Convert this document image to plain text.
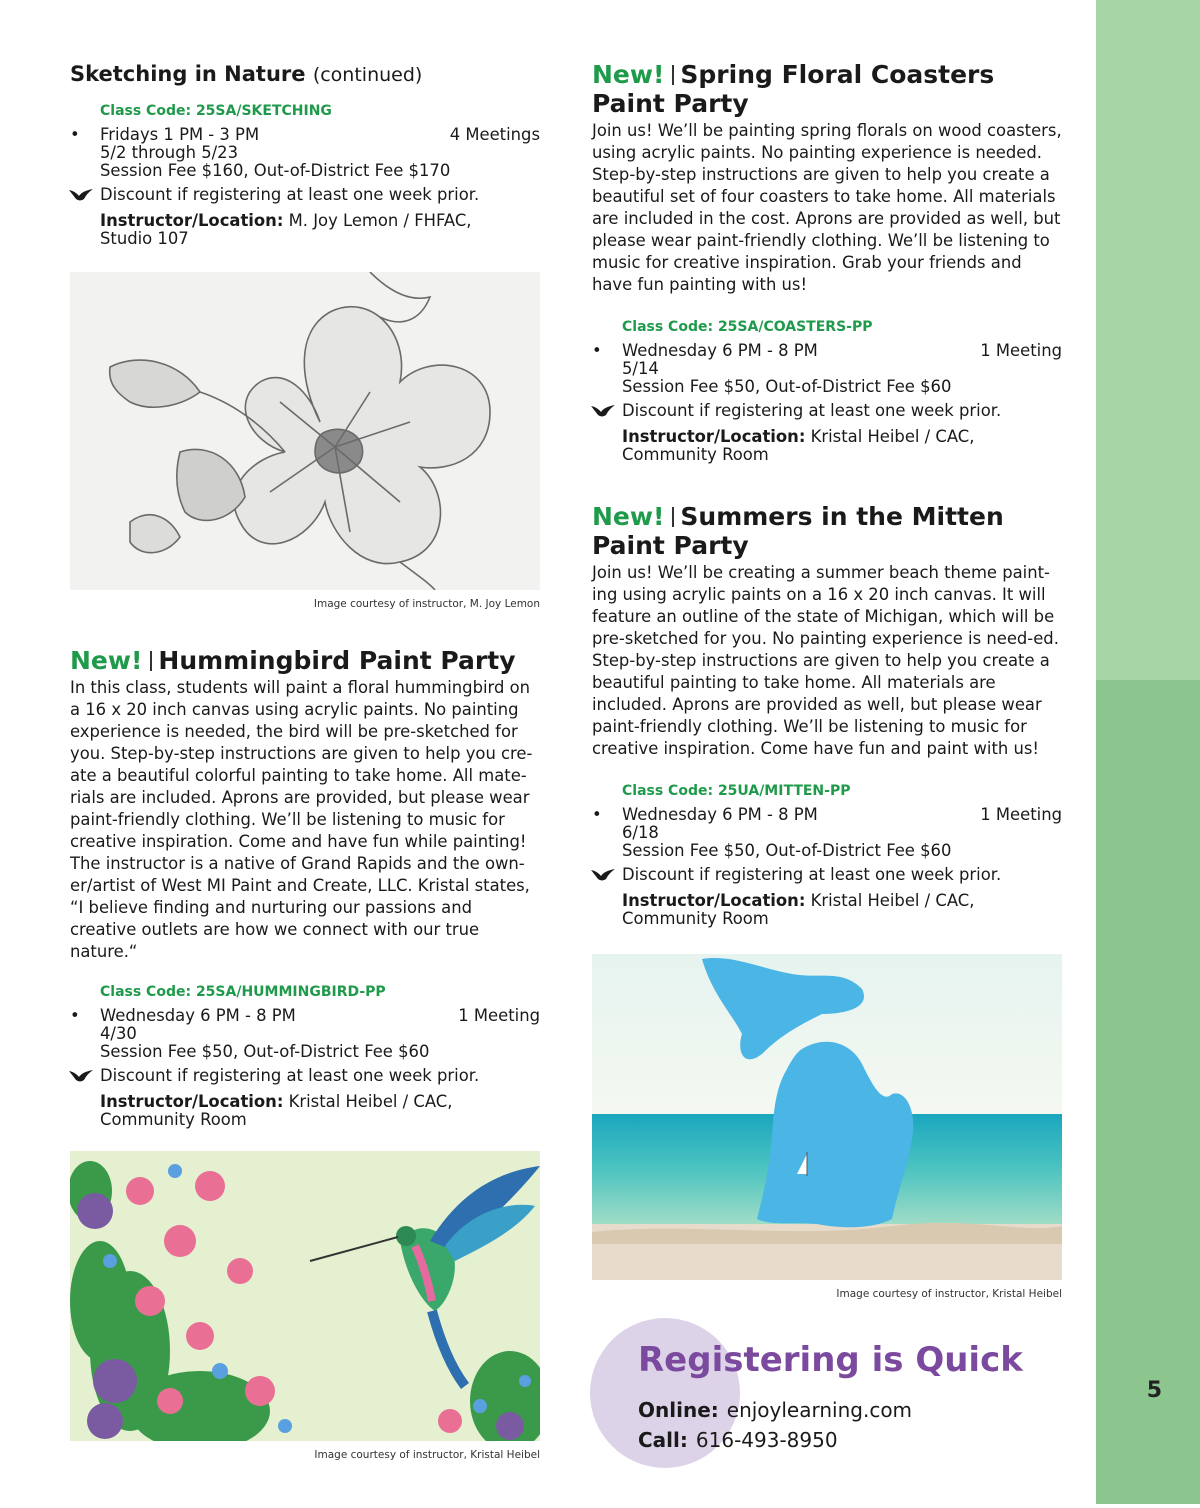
5
Sketching in Nature (continued)
Class Code: 25SA/SKETCHING
• Fridays 1 PM - 3 PM	4 Meetings
5/2 through 5/23
Session Fee $160, Out-of-District Fee $170
Discount if registering at least one week prior.
Instructor/Location: M. Joy Lemon / FHFAC,
Studio 107
Image courtesy of instructor, M. Joy Lemon
New! Hummingbird Paint Party

In this class, students will paint a floral hummingbird on a 16 x 20 inch canvas using acrylic paints. No painting experience is needed, the bird will be pre-sketched for you. Step-by-step instructions are given to help you cre-ate a beautiful colorful painting to take home. All mate-rials are included. Aprons are provided, but please wear paint-friendly clothing. We’ll be listening to music for creative inspiration. Come and have fun while painting! The instructor is a native of Grand Rapids and the own-er/artist of West MI Paint and Create, LLC. Kristal states, “I believe finding and nurturing our passions and creative outlets are how we connect with our true nature.“

Class Code: 25SA/HUMMINGBIRD-PP
• Wednesday 6 PM - 8 PM	1 Meeting
4/30
Session Fee $50, Out-of-District Fee $60
Discount if registering at least one week prior.
Instructor/Location: Kristal Heibel / CAC,
Community Room
Image courtesy of instructor, Kristal Heibel
New! Spring Floral Coasters
Paint Party

Join us! We’ll be painting spring florals on wood coasters, using acrylic paints. No painting experience is needed. Step-by-step instructions are given to help you create a beautiful set of four coasters to take home. All materials are included in the cost. Aprons are provided as well, but please wear paint-friendly clothing. We’ll be listening to music for creative inspiration. Grab your friends and have fun painting with us!

Class Code: 25SA/COASTERS-PP
• Wednesday 6 PM - 8 PM	1 Meeting
5/14
Session Fee $50, Out-of-District Fee $60
Discount if registering at least one week prior.
Instructor/Location: Kristal Heibel / CAC,
Community Room
New! Summers in the Mitten
Paint Party

Join us! We’ll be creating a summer beach theme paint-ing using acrylic paints on a 16 x 20 inch canvas. It will feature an outline of the state of Michigan, which will be pre-sketched for you. No painting experience is need-ed. Step-by-step instructions are given to help you create a beautiful painting to take home. All materials are included. Aprons are provided as well, but please wear paint-friendly clothing. We’ll be listening to music for creative inspiration. Come have fun and paint with us!

Class Code: 25UA/MITTEN-PP
• Wednesday 6 PM - 8 PM	1 Meeting
6/18
Session Fee $50, Out-of-District Fee $60
Discount if registering at least one week prior.
Instructor/Location: Kristal Heibel / CAC,
Community Room
Image courtesy of instructor, Kristal Heibel
Registering is Quick
Online: enjoylearning.com
Call: 616-493-8950
